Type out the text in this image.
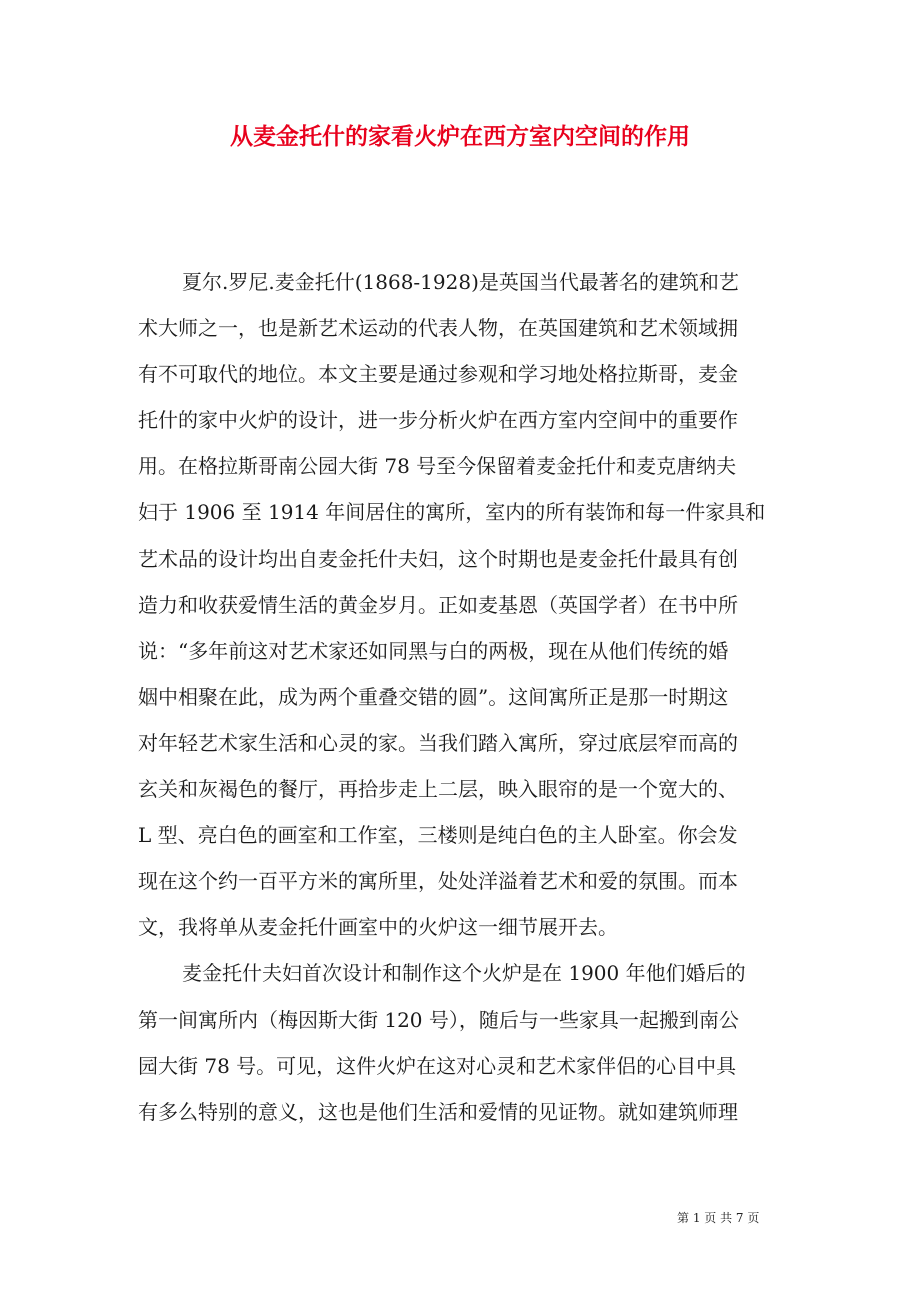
从麦金托什的家看火炉在西方室内空间的作用
夏尔.罗尼.麦金托什(1868-1928)是英国当代最著名的建筑和艺
术大师之一，也是新艺术运动的代表人物，在英国建筑和艺术领域拥
有不可取代的地位。本文主要是通过参观和学习地处格拉斯哥，麦金
托什的家中火炉的设计，进一步分析火炉在西方室内空间中的重要作
用。在格拉斯哥南公园大街 78 号至今保留着麦金托什和麦克唐纳夫
妇于 1906 至 1914 年间居住的寓所，室内的所有装饰和每一件家具和
艺术品的设计均出自麦金托什夫妇，这个时期也是麦金托什最具有创
造力和收获爱情生活的黄金岁月。正如麦基恩（英国学者）在书中所
说：“多年前这对艺术家还如同黑与白的两极，现在从他们传统的婚
姻中相聚在此，成为两个重叠交错的圆”。这间寓所正是那一时期这
对年轻艺术家生活和心灵的家。当我们踏入寓所，穿过底层窄而高的
玄关和灰褐色的餐厅，再拾步走上二层，映入眼帘的是一个宽大的、
L 型、亮白色的画室和工作室，三楼则是纯白色的主人卧室。你会发
现在这个约一百平方米的寓所里，处处洋溢着艺术和爱的氛围。而本
文，我将单从麦金托什画室中的火炉这一细节展开去。
麦金托什夫妇首次设计和制作这个火炉是在 1900 年他们婚后的
第一间寓所内（梅因斯大街 120 号），随后与一些家具一起搬到南公
园大街 78 号。可见，这件火炉在这对心灵和艺术家伴侣的心目中具
有多么特别的意义，这也是他们生活和爱情的见证物。就如建筑师理
第 1 页 共 7 页
